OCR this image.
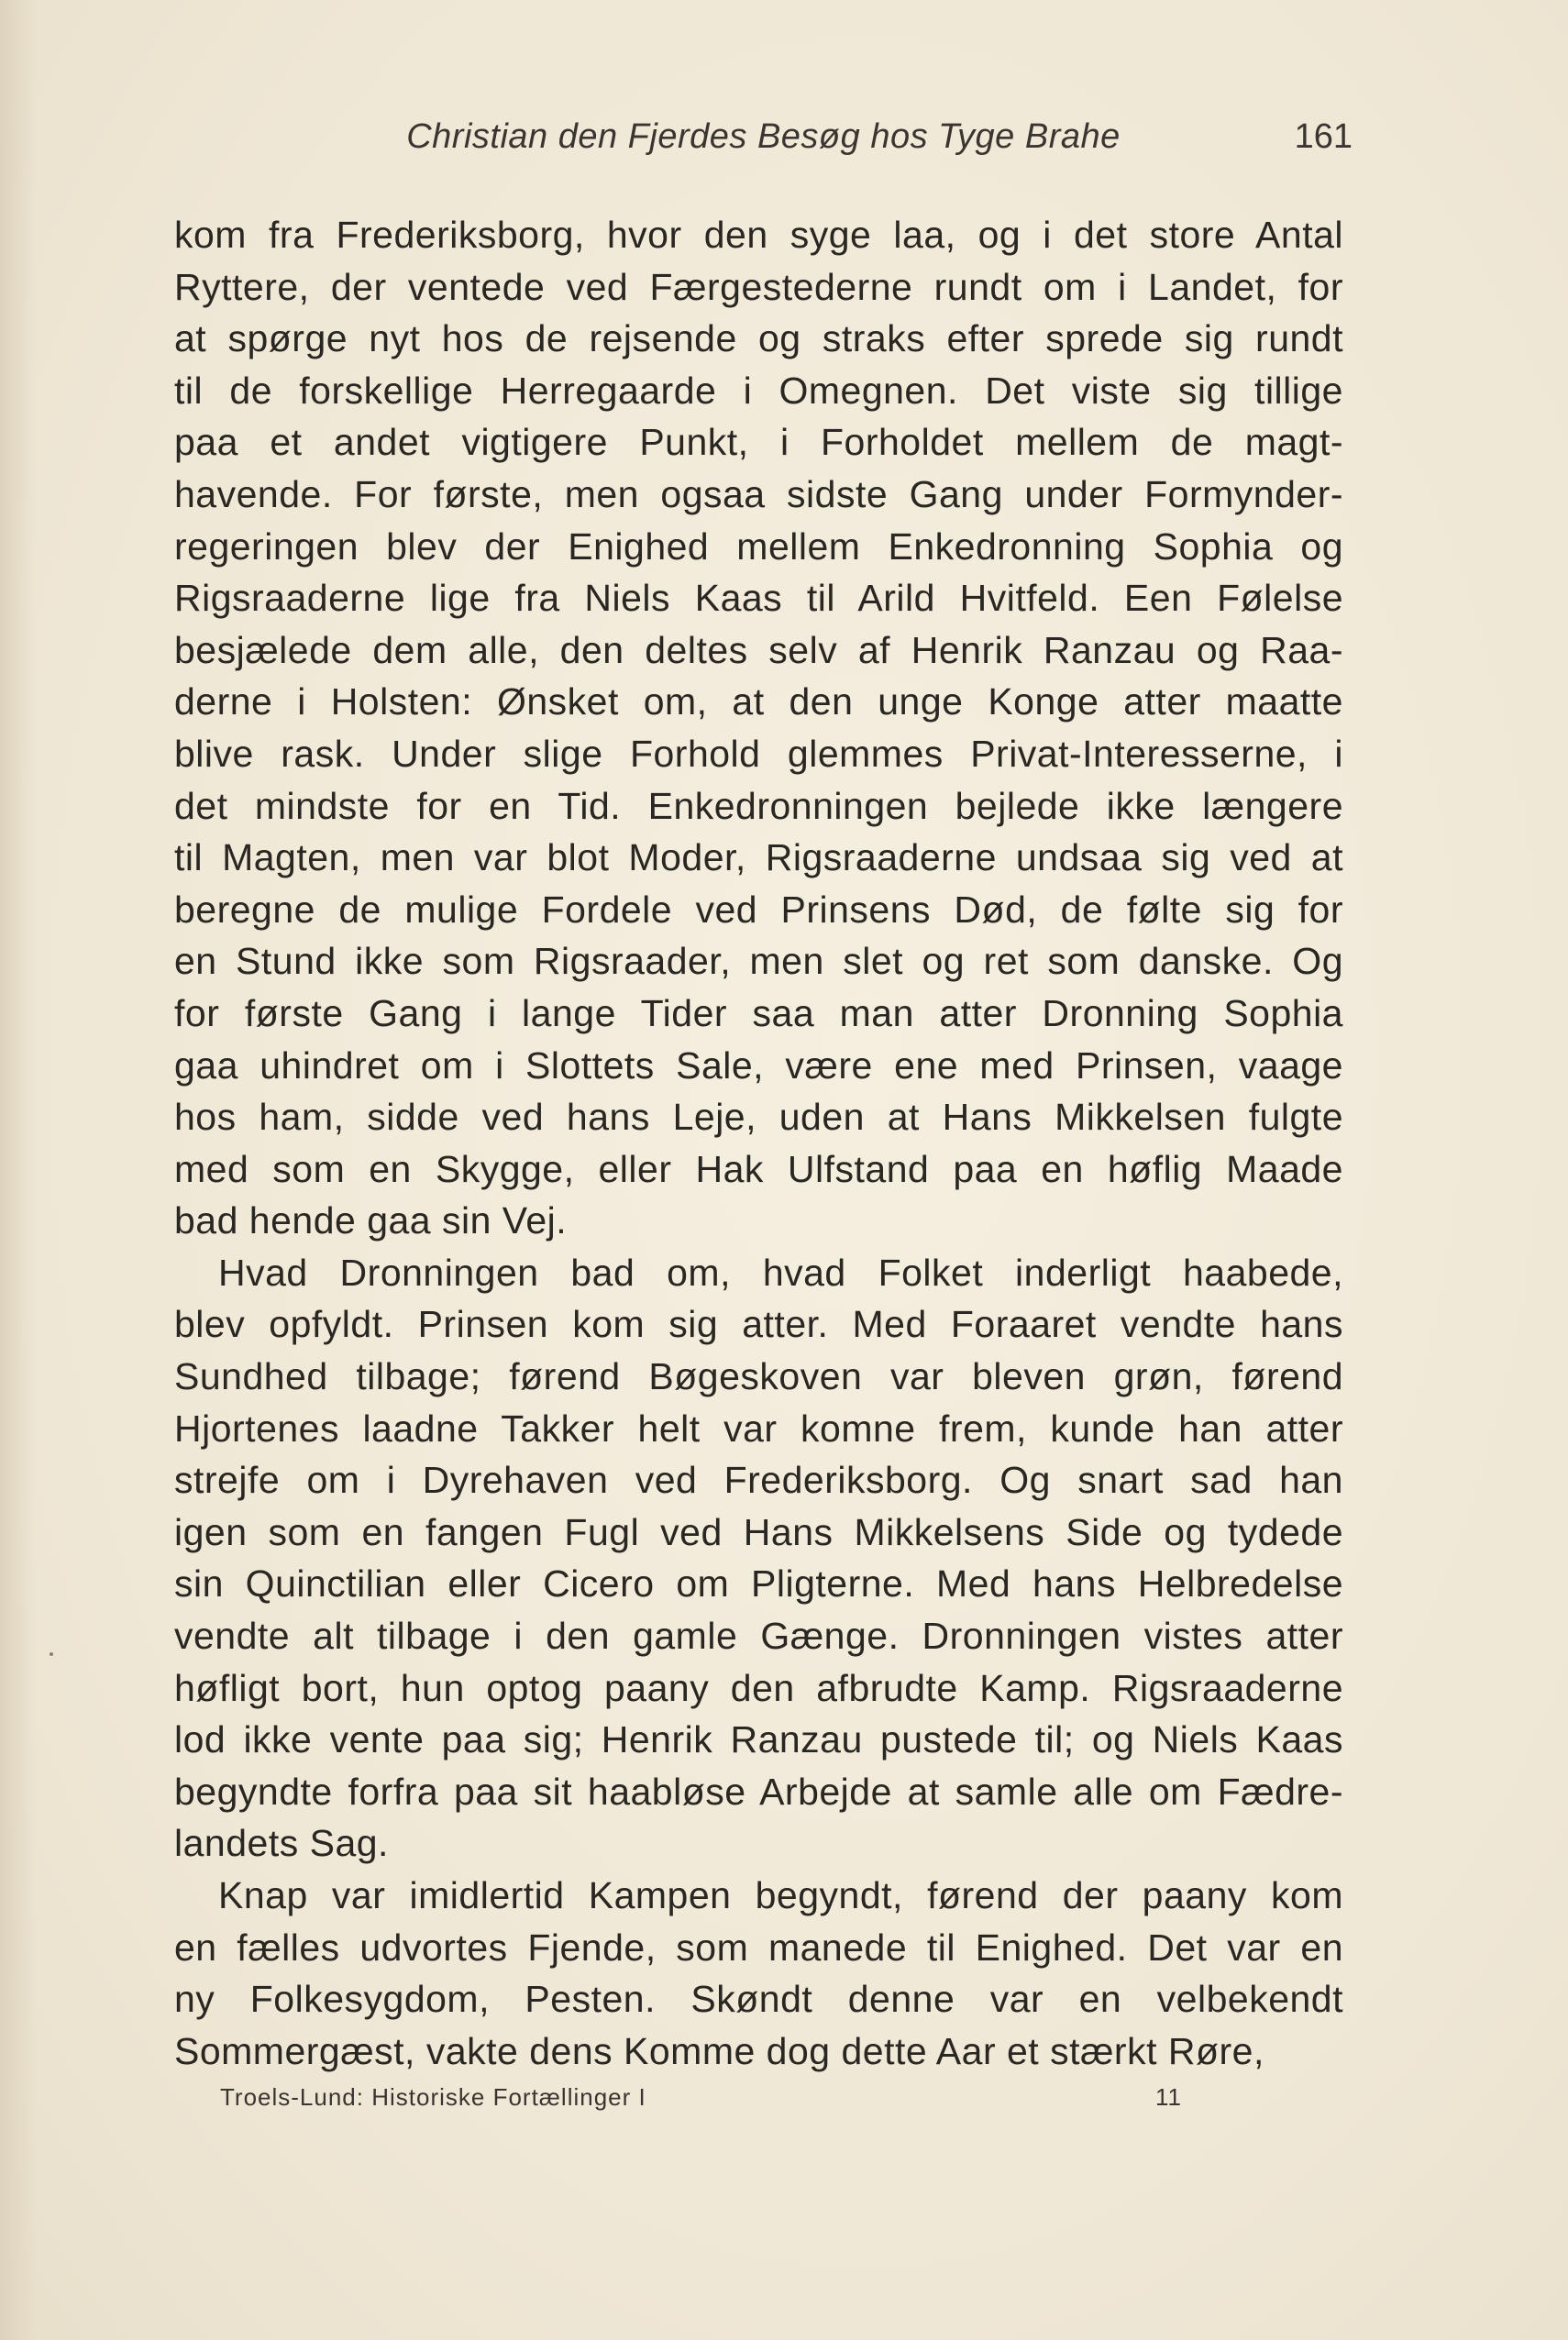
Christian den Fjerdes Besøg hos Tyge Brahe	161

kom fra Frederiksborg, hvor den syge laa, og i det store Antal
Ryttere, der ventede ved Færgestederne rundt om i Landet, for
at spørge nyt hos de rejsende og straks efter sprede sig rundt
til de forskellige Herregaarde i Omegnen. Det viste sig tillige
paa et andet vigtigere Punkt, i Forholdet mellem de magt-
havende. For første, men ogsaa sidste Gang under Formynder-
regeringen blev der Enighed mellem Enkedronning Sophia og
Rigsraaderne lige fra Niels Kaas til Arild Hvitfeld. Een Følelse
besjælede dem alle, den deltes selv af Henrik Ranzau og Raa-
derne i Holsten: Ønsket om, at den unge Konge atter maatte
blive rask. Under slige Forhold glemmes Privat-Interesserne, i
det mindste for en Tid. Enkedronningen bejlede ikke længere
til Magten, men var blot Moder, Rigsraaderne undsaa sig ved at
beregne de mulige Fordele ved Prinsens Død, de følte sig for
en Stund ikke som Rigsraader, men slet og ret som danske. Og
for første Gang i lange Tider saa man atter Dronning Sophia
gaa uhindret om i Slottets Sale, være ene med Prinsen, vaage
hos ham, sidde ved hans Leje, uden at Hans Mikkelsen fulgte
med som en Skygge, eller Hak Ulfstand paa en høflig Maade
bad hende gaa sin Vej.

Hvad Dronningen bad om, hvad Folket inderligt haabede,
blev opfyldt. Prinsen kom sig atter. Med Foraaret vendte hans
Sundhed tilbage; førend Bøgeskoven var bleven grøn, førend
Hjortenes laadne Takker helt var komne frem, kunde han atter
strejfe om i Dyrehaven ved Frederiksborg. Og snart sad han
igen som en fangen Fugl ved Hans Mikkelsens Side og tydede
sin Quinctilian eller Cicero om Pligterne. Med hans Helbredelse
vendte alt tilbage i den gamle Gænge. Dronningen vistes atter
høfligt bort, hun optog paany den afbrudte Kamp. Rigsraaderne
lod ikke vente paa sig; Henrik Ranzau pustede til; og Niels Kaas
begyndte forfra paa sit haabløse Arbejde at samle alle om Fædre-
landets Sag.

Knap var imidlertid Kampen begyndt, førend der paany kom
en fælles udvortes Fjende, som manede til Enighed. Det var en
ny Folkesygdom, Pesten. Skøndt denne var en velbekendt
Sommergæst, vakte dens Komme dog dette Aar et stærkt Røre,

Troels-Lund: Historiske Fortællinger I	11
